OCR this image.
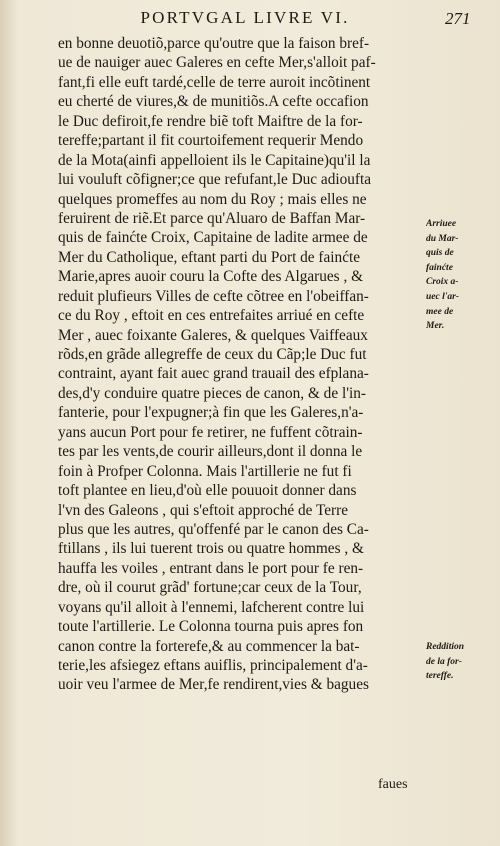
PORTVGAL LIVRE VI.	271
en bonne deuotiõ,parce qu'outre que la faison bref-
ue de nauiger auec Galeres en cefte Mer,s'alloit paf-
fant,fi elle euft tardé,celle de terre auroit incõtinent
eu cherté de viures,& de munitiõs.A cefte occafion
le Duc defiroit,fe rendre biẽ toft Maiftre de la for-
tereffe;partant il fit courtoifement requerir Mendo
de la Mota(ainfi appelloient ils le Capitaine)qu'il la
lui vouluft cõfigner;ce que refufant,le Duc adioufta
quelques promeffes au nom du Roy ; mais elles ne
feruirent de riẽ.Et parce qu'Aluaro de Baffan Mar-
quis de fainćte Croix, Capitaine de ladite armee de
Mer du Catholique, eftant parti du Port de fainćte
Marie,apres auoir couru la Cofte des Algarues , &
reduit plufieurs Villes de cefte cõtree en l'obeiffan-
ce du Roy , eftoit en ces entrefaites arriué en cefte
Mer , auec foixante Galeres, & quelques Vaiffeaux
rõds,en grãde allegreffe de ceux du Cãp;le Duc fut
contraint, ayant fait auec grand trauail des efplana-
des,d'y conduire quatre pieces de canon, & de l'in-
fanterie, pour l'expugner;à fin que les Galeres,n'a-
yans aucun Port pour fe retirer, ne fuffent cõtrain-
tes par les vents,de courir ailleurs,dont il donna le
foin à Profper Colonna. Mais l'artillerie ne fut fi
toft plantee en lieu,d'où elle pouuoit donner dans
l'vn des Galeons , qui s'eftoit approché de Terre
plus que les autres, qu'offenfé par le canon des Ca-
ftillans , ils lui tuerent trois ou quatre hommes , &
hauffa les voiles , entrant dans le port pour fe ren-
dre, où il courut grãd' fortune;car ceux de la Tour,
voyans qu'il alloit à l'ennemi, lafcherent contre lui
toute l'artillerie. Le Colonna tourna puis apres fon
canon contre la forterefe,& au commencer la bat-
terie,les afsiegez eftans auiflis, principalement d'a-
uoir veu l'armee de Mer,fe rendirent,vies & bagues
Arriuee
du Mar-
quis de
fainćte
Croix a-
uec l'ar-
mee de
Mer.
Reddition
de la for-
tereffe.
faues
